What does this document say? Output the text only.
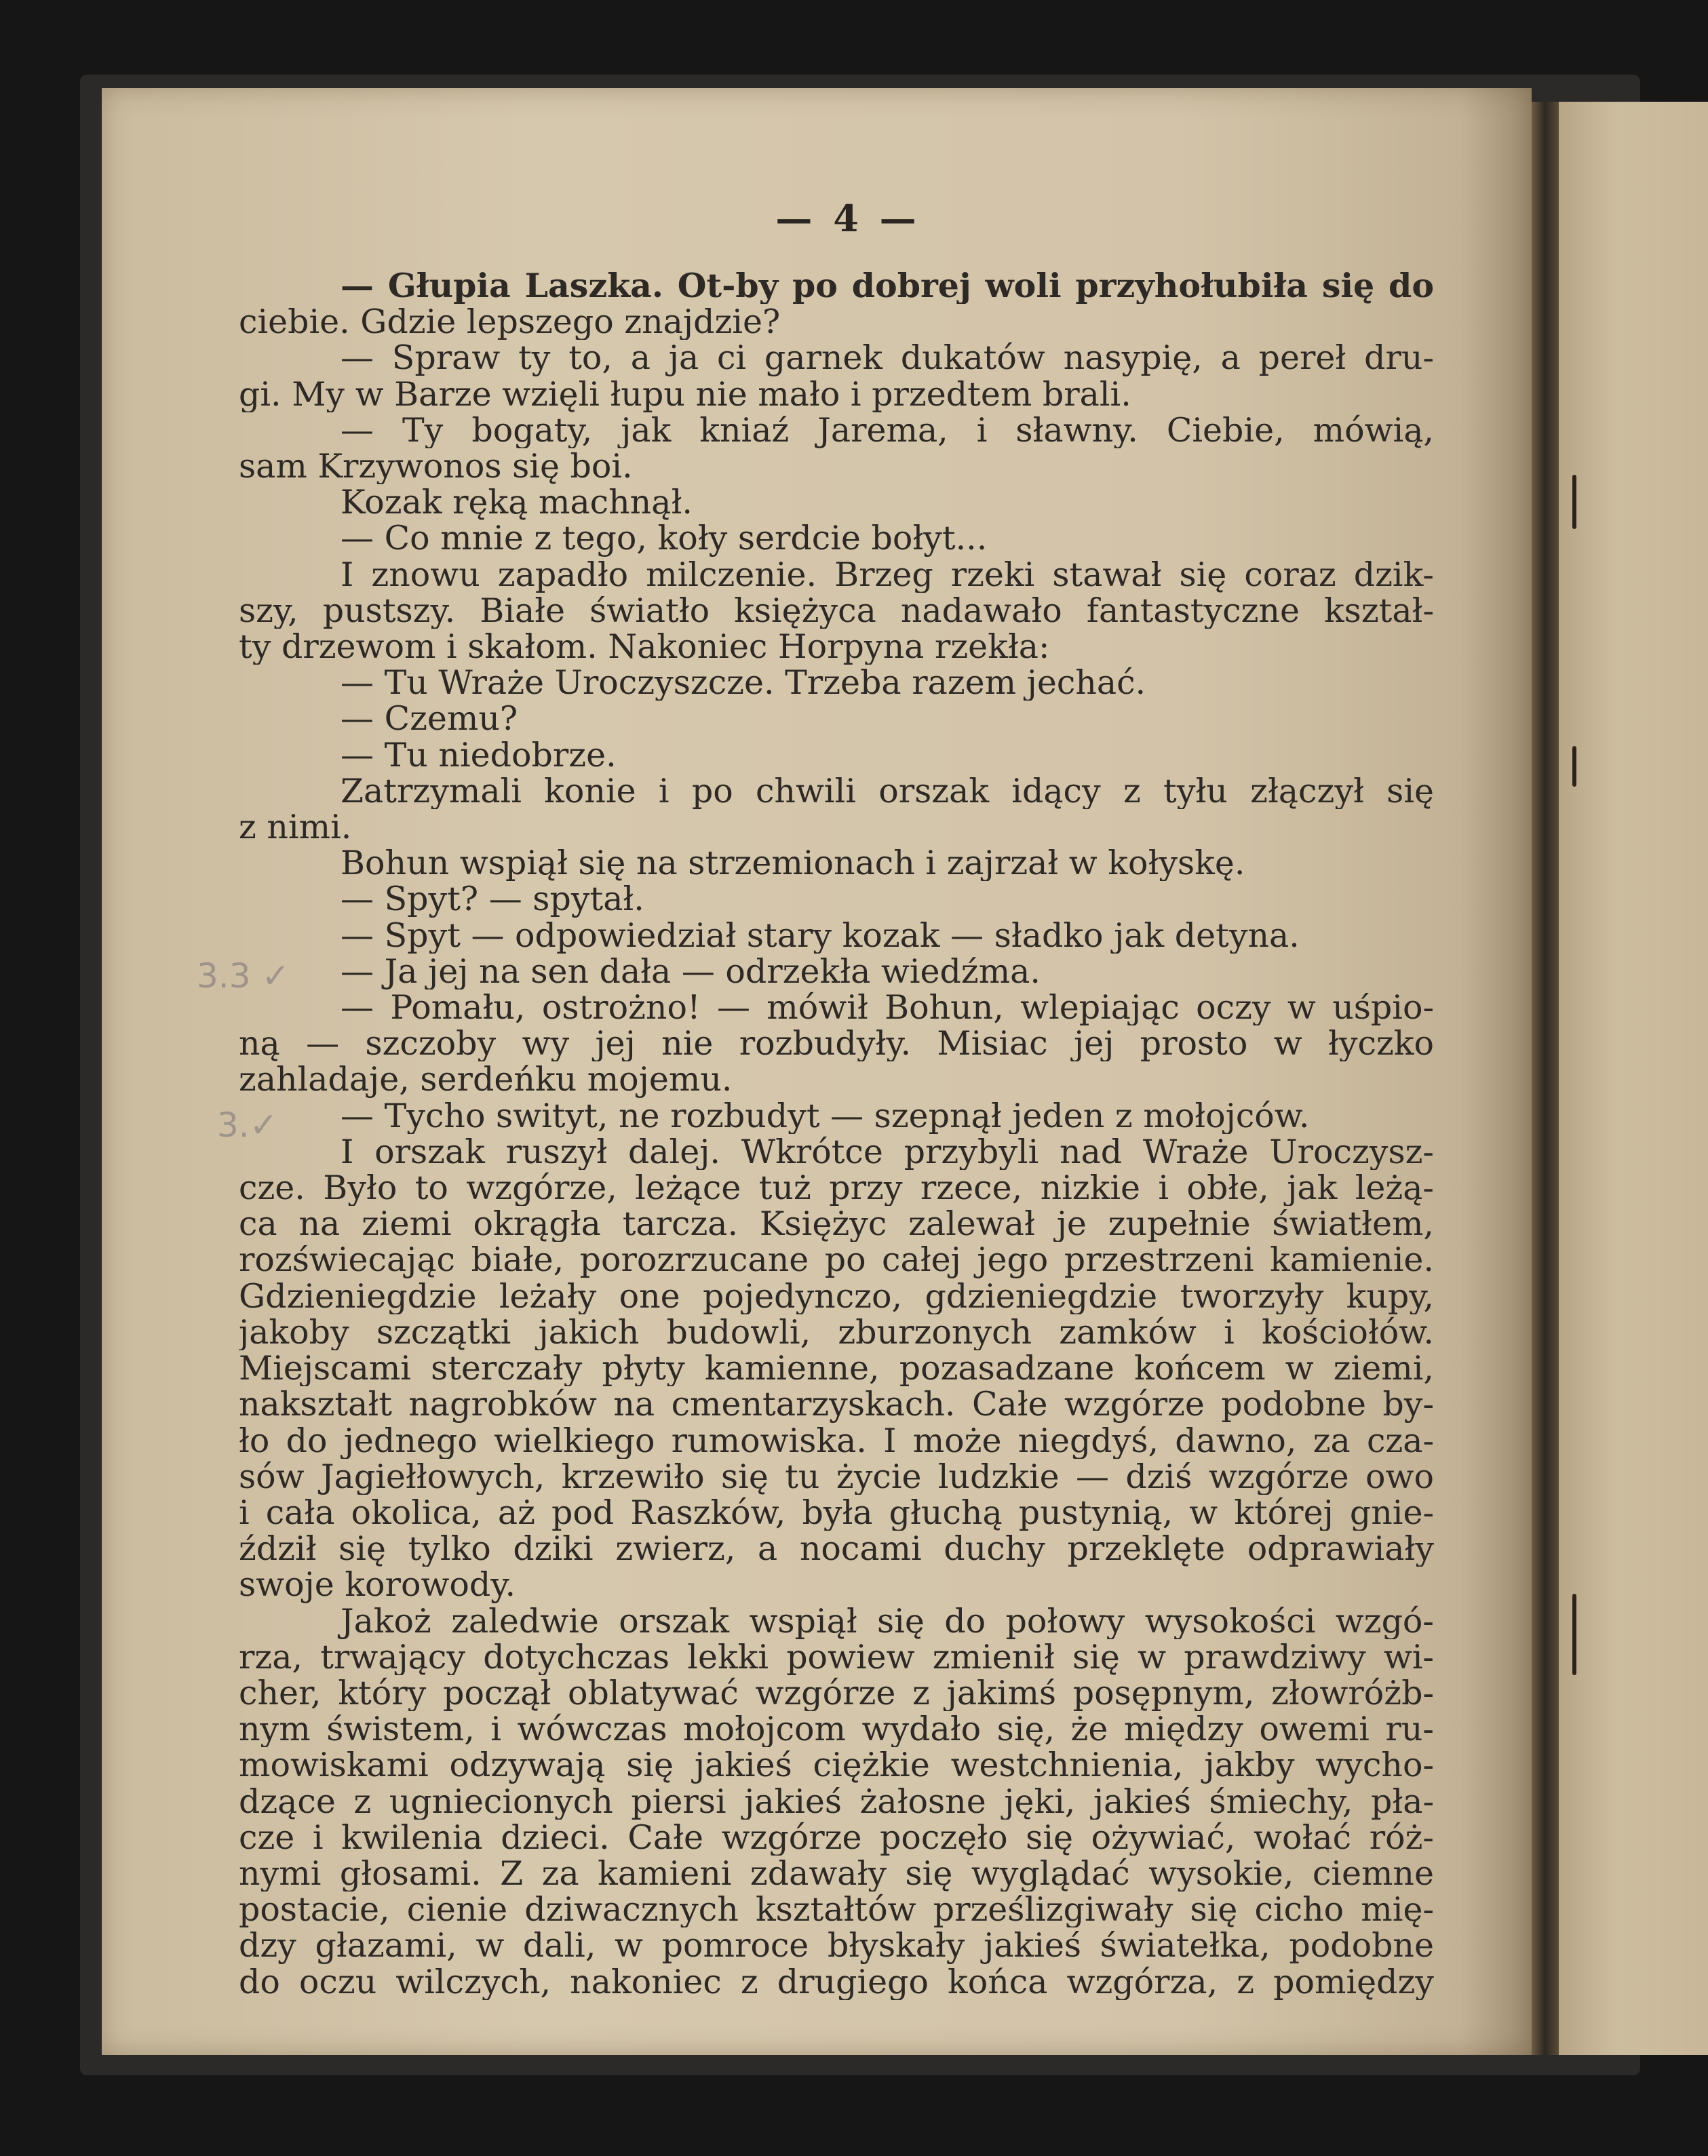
3.3 ✓
3.✓
— 4 —
— Głupia Laszka. Ot-by po dobrej woli przyhołubiła się do
ciebie. Gdzie lepszego znajdzie?
— Spraw ty to, a ja ci garnek dukatów nasypię, a pereł dru-
gi. My w Barze wzięli łupu nie mało i przedtem brali.
— Ty bogaty, jak kniaź Jarema, i sławny. Ciebie, mówią,
sam Krzywonos się boi.
Kozak ręką machnął.
— Co mnie z tego, koły serdcie bołyt...
I znowu zapadło milczenie. Brzeg rzeki stawał się coraz dzik-
szy, pustszy. Białe światło księżyca nadawało fantastyczne kształ-
ty drzewom i skałom. Nakoniec Horpyna rzekła:
— Tu Wraże Uroczyszcze. Trzeba razem jechać.
— Czemu?
— Tu niedobrze.
Zatrzymali konie i po chwili orszak idący z tyłu złączył się
z nimi.
Bohun wspiął się na strzemionach i zajrzał w kołyskę.
— Spyt? — spytał.
— Spyt — odpowiedział stary kozak — sładko jak detyna.
— Ja jej na sen dała — odrzekła wiedźma.
— Pomału, ostrożno! — mówił Bohun, wlepiając oczy w uśpio-
ną — szczoby wy jej nie rozbudyły. Misiac jej prosto w łyczko
zahladaje, serdeńku mojemu.
— Tycho swityt, ne rozbudyt — szepnął jeden z mołojców.
I orszak ruszył dalej. Wkrótce przybyli nad Wraże Uroczysz-
cze. Było to wzgórze, leżące tuż przy rzece, nizkie i obłe, jak leżą-
ca na ziemi okrągła tarcza. Księżyc zalewał je zupełnie światłem,
rozświecając białe, porozrzucane po całej jego przestrzeni kamienie.
Gdzieniegdzie leżały one pojedynczo, gdzieniegdzie tworzyły kupy,
jakoby szczątki jakich budowli, zburzonych zamków i kościołów.
Miejscami sterczały płyty kamienne, pozasadzane końcem w ziemi,
nakształt nagrobków na cmentarzyskach. Całe wzgórze podobne by-
ło do jednego wielkiego rumowiska. I może niegdyś, dawno, za cza-
sów Jagiełłowych, krzewiło się tu życie ludzkie — dziś wzgórze owo
i cała okolica, aż pod Raszków, była głuchą pustynią, w której gnie-
ździł się tylko dziki zwierz, a nocami duchy przeklęte odprawiały
swoje korowody.
Jakoż zaledwie orszak wspiął się do połowy wysokości wzgó-
rza, trwający dotychczas lekki powiew zmienił się w prawdziwy wi-
cher, który począł oblatywać wzgórze z jakimś posępnym, złowróżb-
nym świstem, i wówczas mołojcom wydało się, że między owemi ru-
mowiskami odzywają się jakieś ciężkie westchnienia, jakby wycho-
dzące z ugniecionych piersi jakieś żałosne jęki, jakieś śmiechy, pła-
cze i kwilenia dzieci. Całe wzgórze poczęło się ożywiać, wołać róż-
nymi głosami. Z za kamieni zdawały się wyglądać wysokie, ciemne
postacie, cienie dziwacznych kształtów prześlizgiwały się cicho mię-
dzy głazami, w dali, w pomroce błyskały jakieś światełka, podobne
do oczu wilczych, nakoniec z drugiego końca wzgórza, z pomiędzy
